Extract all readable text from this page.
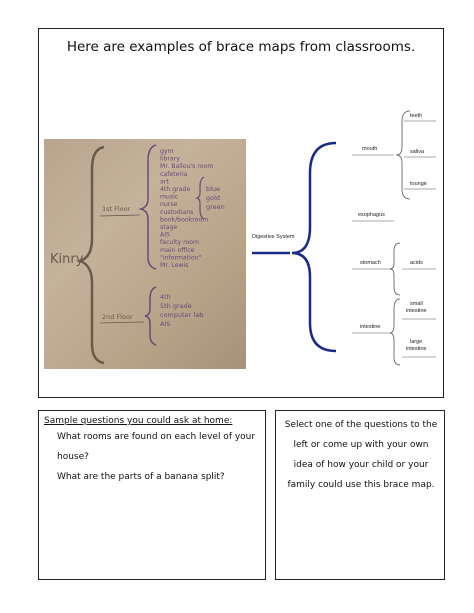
Here are examples of brace maps from classrooms.
Kinry
1st Floor
gym
library
Mr. Ballou's room
cafeteria
art
4th grade
music
nurse
custodians
book/bookroom
stage
AIS
faculty room
main office
"information"
Mr. Lewis
blue
gold
green
2nd Floor
4th
5th grade
computer lab
AIS
Digestive System
mouth
teeth
saliva
tounge
esophagus
stomach	acids
intestine
small intestine
large intestine
Sample questions you could ask at home:
What rooms are found on each level of your house?
What are the parts of a banana split?
Select one of the questions to the left or come up with your own idea of how your child or your family could use this brace map.
